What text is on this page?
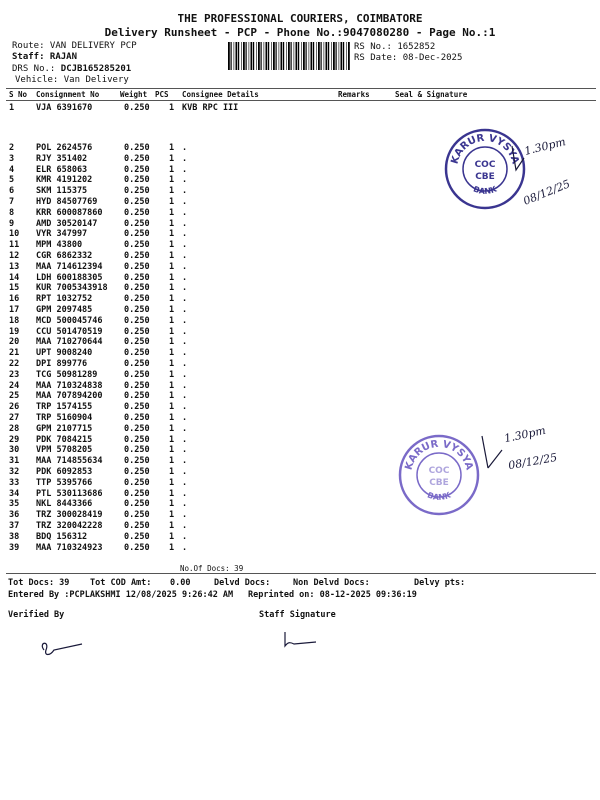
THE PROFESSIONAL COURIERS, COIMBATORE
Delivery Runsheet - PCP - Phone No.:9047080280 - Page No.:1
Route: VAN DELIVERY PCP
Staff: RAJAN
DRS No.: DCJB165285201
Vehicle: Van Delivery
RS No.: 1652852
RS Date: 08-Dec-2025
S No Consignment No	Weight PCS Consignee Details	Remarks	Seal & Signature
1	VJA 6391670	0.250 1 KVB RPC III
2	POL 2624576	0.250 1 .
3	RJY 351402	0.250 1 .
4	ELR 658063	0.250 1 .
5	KMR 4191202	0.250 1 .
6	SKM 115375	0.250 1 .
7	HYD 84507769	0.250 1 .
8	KRR 600087860	0.250 1 .
9	AMD 30520147	0.250 1 .
10 VYR 347997	0.250 1 .
11 MPM 43800	0.250 1 .
12 CGR 6862332	0.250 1 .
13 MAA 714612394	0.250 1 .
14 LDH 600188305	0.250 1 .
15 KUR 7005343918 0.250 1 .
16 RPT 1032752	0.250 1 .
17 GPM 2097485	0.250 1 .
18 MCD 500045746	0.250 1 .
19 CCU 501470519	0.250 1 .
20 MAA 710270644	0.250 1 .
21 UPT 9008240	0.250 1 .
22 DPI 899776	0.250 1 .
23 TCG 50981289	0.250 1 .
24 MAA 710324838	0.250 1 .
25 MAA 707894200	0.250 1 .
26 TRP 1574155	0.250 1 .
27 TRP 5160904	0.250 1 .
28 GPM 2107715	0.250 1 .
29 PDK 7084215	0.250 1 .
30 VPM 5708205	0.250 1 .
31 MAA 714855634	0.250 1 .
32 PDK 6092853	0.250 1 .
33 TTP 5395766	0.250 1 .
34 PTL 530113686	0.250 1 .
35 NKL 8443366	0.250 1 .
36 TRZ 300028419	0.250 1 .
37 TRZ 320042228	0.250 1 .
38 BDQ 156312	0.250 1 .
39 MAA 710324923	0.250 1 .
No.Of Docs: 39
Tot Docs: 39 Tot COD Amt: 0.00	Delvd Docs:	Non Delvd Docs:	Delvy pts:
Entered By :PCPLAKSHMI 12/08/2025 9:26:42 AM Reprinted on: 08-12-2025 09:36:19
Verified By	Staff Signature
KARUR VYSYA
BANK
COC
CBE
1.30pm
08/12/25
KARUR VYSYA
BANK
COC
CBE
1.30pm
08/12/25
